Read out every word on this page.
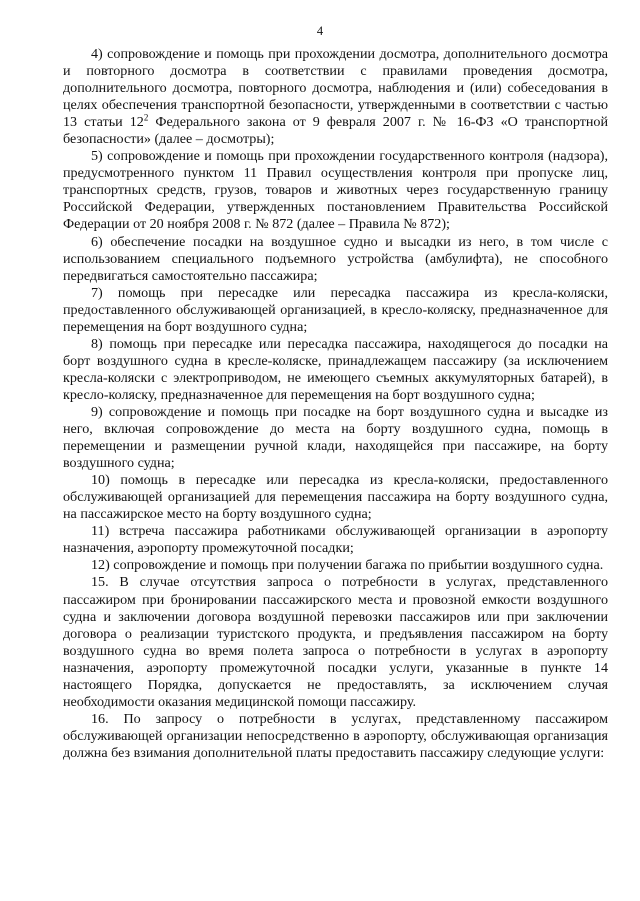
4

4) сопровождение и помощь при прохождении досмотра, дополнительного досмотра и повторного досмотра в соответствии с правилами проведения досмотра, дополнительного досмотра, повторного досмотра, наблюдения и (или) собеседования в целях обеспечения транспортной безопасности, утвержденными в соответствии с частью 13 статьи $12^2$ Федерального закона от 9 февраля 2007 г. № 16-ФЗ «О транспортной безопасности» (далее – досмотры);

5) сопровождение и помощь при прохождении государственного контроля (надзора), предусмотренного пунктом 11 Правил осуществления контроля при пропуске лиц, транспортных средств, грузов, товаров и животных через государственную границу Российской Федерации, утвержденных постановлением Правительства Российской Федерации от 20 ноября 2008 г. № 872 (далее – Правила № 872);

6) обеспечение посадки на воздушное судно и высадки из него, в том числе с использованием специального подъемного устройства (амбулифта), не способного передвигаться самостоятельно пассажира;

7) помощь при пересадке или пересадка пассажира из кресла-коляски, предоставленного обслуживающей организацией, в кресло-коляску, предназначенное для перемещения на борт воздушного судна;

8) помощь при пересадке или пересадка пассажира, находящегося до посадки на борт воздушного судна в кресле-коляске, принадлежащем пассажиру (за исключением кресла-коляски с электроприводом, не имеющего съемных аккумуляторных батарей), в кресло-коляску, предназначенное для перемещения на борт воздушного судна;

9) сопровождение и помощь при посадке на борт воздушного судна и высадке из него, включая сопровождение до места на борту воздушного судна, помощь в перемещении и размещении ручной клади, находящейся при пассажире, на борту воздушного судна;

10) помощь в пересадке или пересадка из кресла-коляски, предоставленного обслуживающей организацией для перемещения пассажира на борту воздушного судна, на пассажирское место на борту воздушного судна;

11) встреча пассажира работниками обслуживающей организации в аэропорту назначения, аэропорту промежуточной посадки;

12) сопровождение и помощь при получении багажа по прибытии воздушного судна.

15. В случае отсутствия запроса о потребности в услугах, представленного пассажиром при бронировании пассажирского места и провозной емкости воздушного судна и заключении договора воздушной перевозки пассажиров или при заключении договора о реализации туристского продукта, и предъявления пассажиром на борту воздушного судна во время полета запроса о потребности в услугах в аэропорту назначения, аэропорту промежуточной посадки услуги, указанные в пункте 14 настоящего Порядка, допускается не предоставлять, за исключением случая необходимости оказания медицинской помощи пассажиру.

16. По запросу о потребности в услугах, представленному пассажиром обслуживающей организации непосредственно в аэропорту, обслуживающая организация должна без взимания дополнительной платы предоставить пассажиру следующие услуги:
